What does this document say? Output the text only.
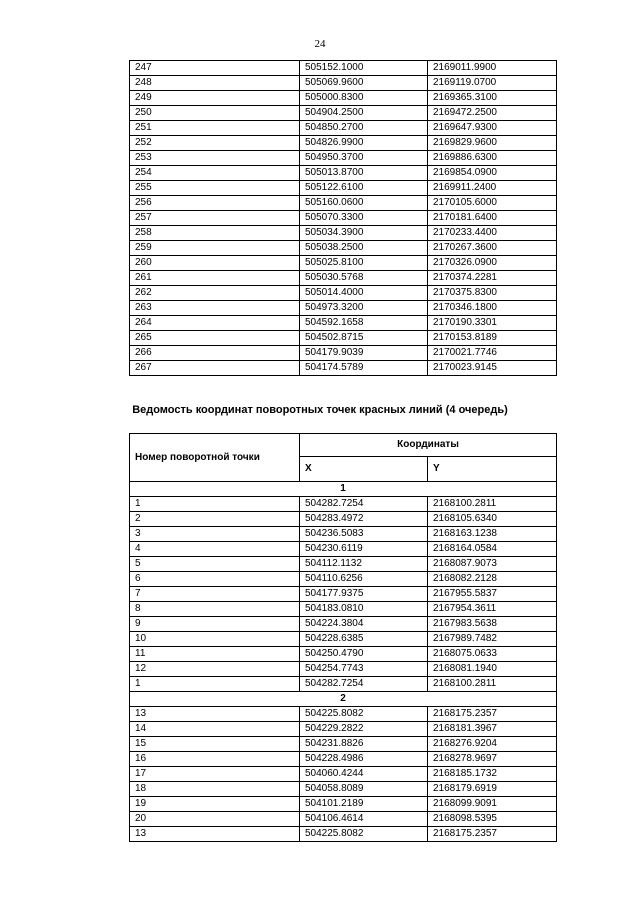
24
247	505152.1000	2169011.9900
248	505069.9600	2169119.0700
249	505000.8300	2169365.3100
250	504904.2500	2169472.2500
251	504850.2700	2169647.9300
252	504826.9900	2169829.9600
253	504950.3700	2169886.6300
254	505013.8700	2169854.0900
255	505122.6100	2169911.2400
256	505160.0600	2170105.6000
257	505070.3300	2170181.6400
258	505034.3900	2170233.4400
259	505038.2500	2170267.3600
260	505025.8100	2170326.0900
261	505030.5768	2170374.2281
262	505014.4000	2170375.8300
263	504973.3200	2170346.1800
264	504592.1658	2170190.3301
265	504502.8715	2170153.8189
266	504179.9039	2170021.7746
267	504174.5789	2170023.9145
Ведомость координат поворотных точек красных линий (4 очередь)
Номер поворотной точки	Координаты	
	X	Y
1		
1	504282.7254	2168100.2811
2	504283.4972	2168105.6340
3	504236.5083	2168163.1238
4	504230.6119	2168164.0584
5	504112.1132	2168087.9073
6	504110.6256	2168082.2128
7	504177.9375	2167955.5837
8	504183.0810	2167954.3611
9	504224.3804	2167983.5638
10	504228.6385	2167989.7482
11	504250.4790	2168075.0633
12	504254.7743	2168081.1940
1	504282.7254	2168100.2811
2		
13	504225.8082	2168175.2357
14	504229.2822	2168181.3967
15	504231.8826	2168276.9204
16	504228.4986	2168278.9697
17	504060.4244	2168185.1732
18	504058.8089	2168179.6919
19	504101.2189	2168099.9091
20	504106.4614	2168098.5395
13	504225.8082	2168175.2357
